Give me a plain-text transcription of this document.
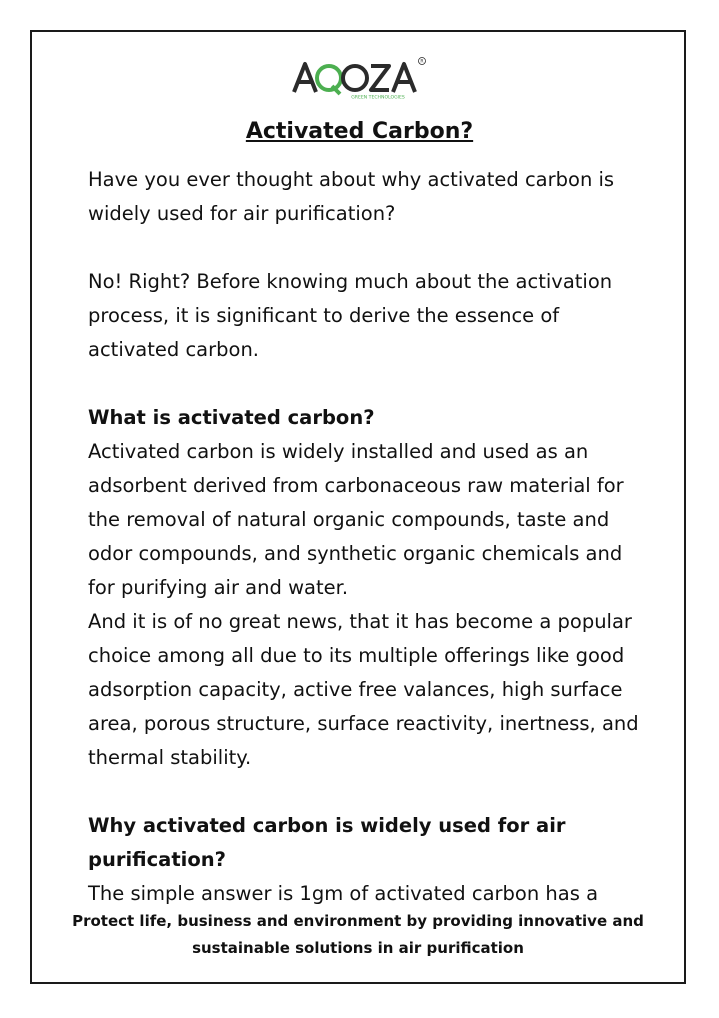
R
GREEN TECHNOLOGIES
Activated Carbon?

Have you ever thought about why activated carbon is widely used for air purification?

No! Right? Before knowing much about the activation process, it is significant to derive the essence of activated carbon.

What is activated carbon?

Activated carbon is widely installed and used as an adsorbent derived from carbonaceous raw material for the removal of natural organic compounds, taste and odor compounds, and synthetic organic chemicals and for purifying air and water.

And it is of no great news, that it has become a popular choice among all due to its multiple offerings like good adsorption capacity, active free valances, high surface area, porous structure, surface reactivity, inertness, and thermal stability.

Why activated carbon is widely used for air purification?

The simple answer is 1gm of activated carbon has a

Protect life, business and environment by providing innovative and
sustainable solutions in air purification
